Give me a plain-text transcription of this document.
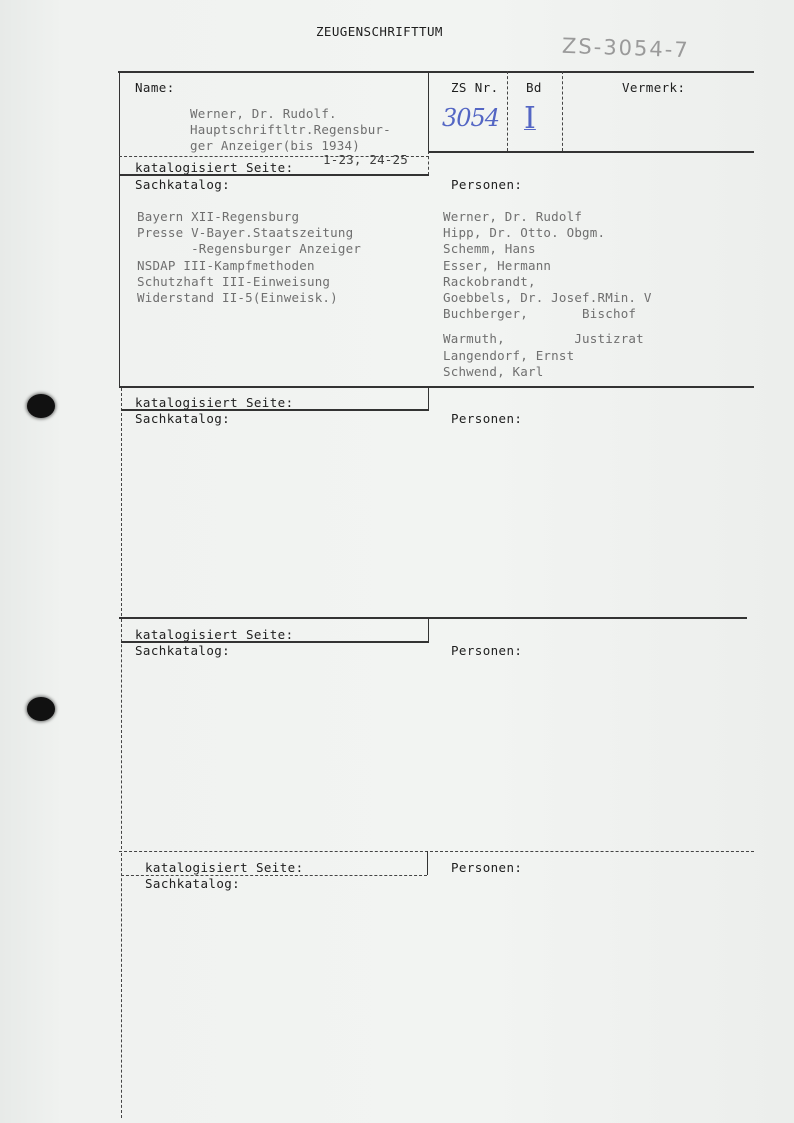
ZEUGENSCHRIFTTUM
ZS-3054-7
Name:
Werner, Dr. Rudolf.
Hauptschriftltr.Regensbur-
ger Anzeiger(bis 1934)
ZS Nr.
3054
Bd
I
Vermerk:
katalogisiert Seite:
1-23, 24-25
Sachkatalog:	Personen:
Bayern XII-Regensburg
Presse V-Bayer.Staatszeitung
-Regensburger Anzeiger
NSDAP III-Kampfmethoden
Schutzhaft III-Einweisung
Widerstand II-5(Einweisk.)
Werner, Dr. Rudolf
Hipp, Dr. Otto. Obgm.
Schemm, Hans
Esser, Hermann
Rackobrandt,
Goebbels, Dr. Josef.RMin. V
Buchberger,       Bischof
Warmuth,         Justizrat
Langendorf, Ernst
Schwend, Karl
katalogisiert Seite:
Sachkatalog:	Personen:
katalogisiert Seite:
Sachkatalog:	Personen:
katalogisiert Seite:
Sachkatalog:
Personen:
